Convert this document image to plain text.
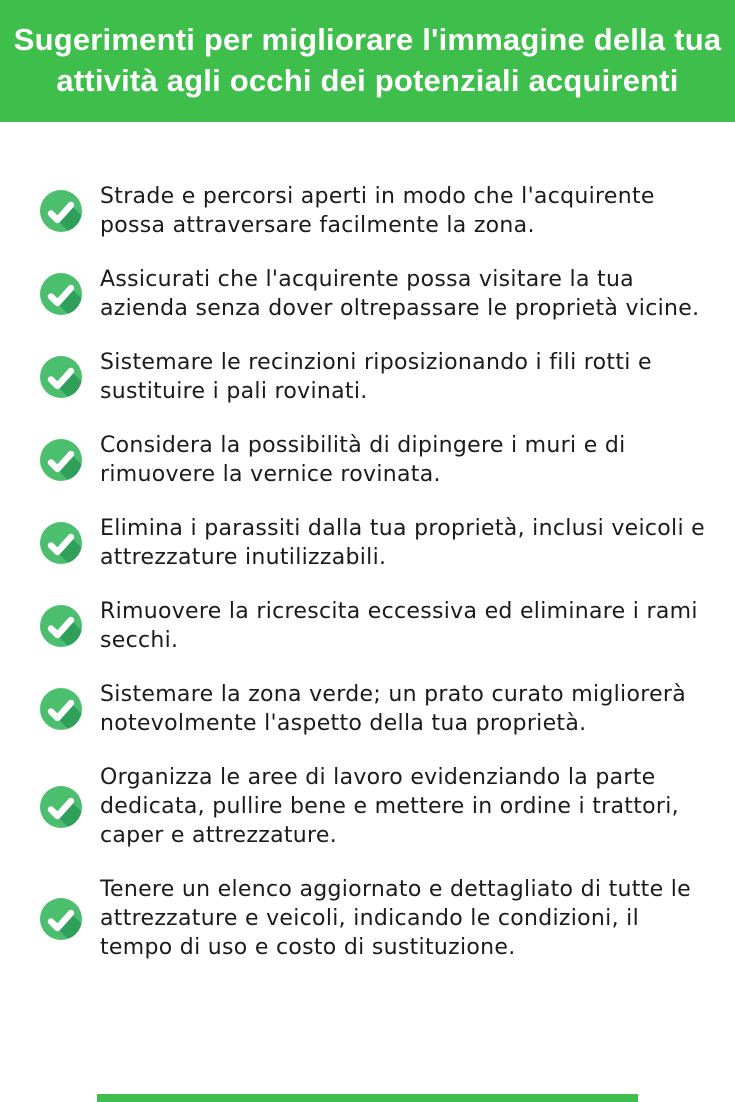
Sugerimenti per migliorare l'immagine della tua attività agli occhi dei potenziali acquirenti
Strade e percorsi aperti in modo che l'acquirente possa attraversare facilmente la zona.
Assicurati che l'acquirente possa visitare la tua azienda senza dover oltrepassare le proprietà vicine.
Sistemare le recinzioni riposizionando i fili rotti e sustituire i pali rovinati.
Considera la possibilità di dipingere i muri e di rimuovere la vernice rovinata.
Elimina i parassiti dalla tua proprietà, inclusi veicoli e attrezzature inutilizzabili.
Rimuovere la ricrescita eccessiva ed eliminare i rami secchi.
Sistemare la zona verde; un prato curato migliorerà notevolmente l'aspetto della tua proprietà.
Organizza le aree di lavoro evidenziando la parte dedicata, pullire bene e mettere in ordine i trattori, caper e attrezzature.
Tenere un elenco aggiornato e dettagliato di tutte le attrezzature e veicoli, indicando le condizioni, il tempo di uso e costo di sustituzione.
